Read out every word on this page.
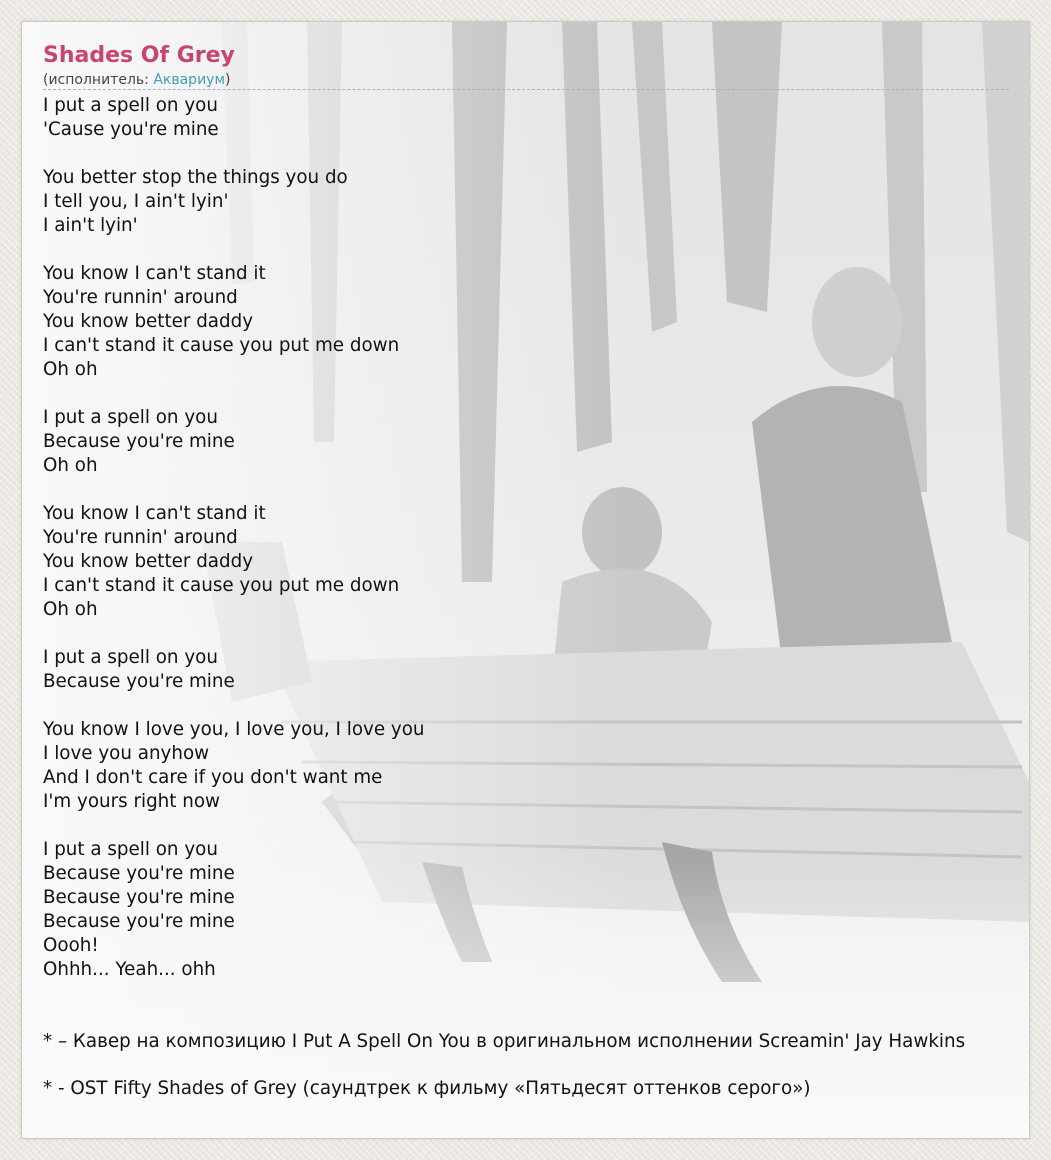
Shades Of Grey
(исполнитель: Аквариум)
I put a spell on you
'Cause you're mine
You better stop the things you do
I tell you, I ain't lyin'
I ain't lyin'
You know I can't stand it
You're runnin' around
You know better daddy
I can't stand it cause you put me down
Oh oh
I put a spell on you
Because you're mine
Oh oh
You know I can't stand it
You're runnin' around
You know better daddy
I can't stand it cause you put me down
Oh oh
I put a spell on you
Because you're mine
You know I love you, I love you, I love you
I love you anyhow
And I don't care if you don't want me
I'm yours right now
I put a spell on you
Because you're mine
Because you're mine
Because you're mine
Oooh!
Ohhh... Yeah... ohh
* – Кавер на композицию I Put A Spell On You в оригинальном исполнении Screamin' Jay Hawkins
* - OST Fifty Shades of Grey (саундтрек к фильму «Пятьдесят оттенков серого»)
